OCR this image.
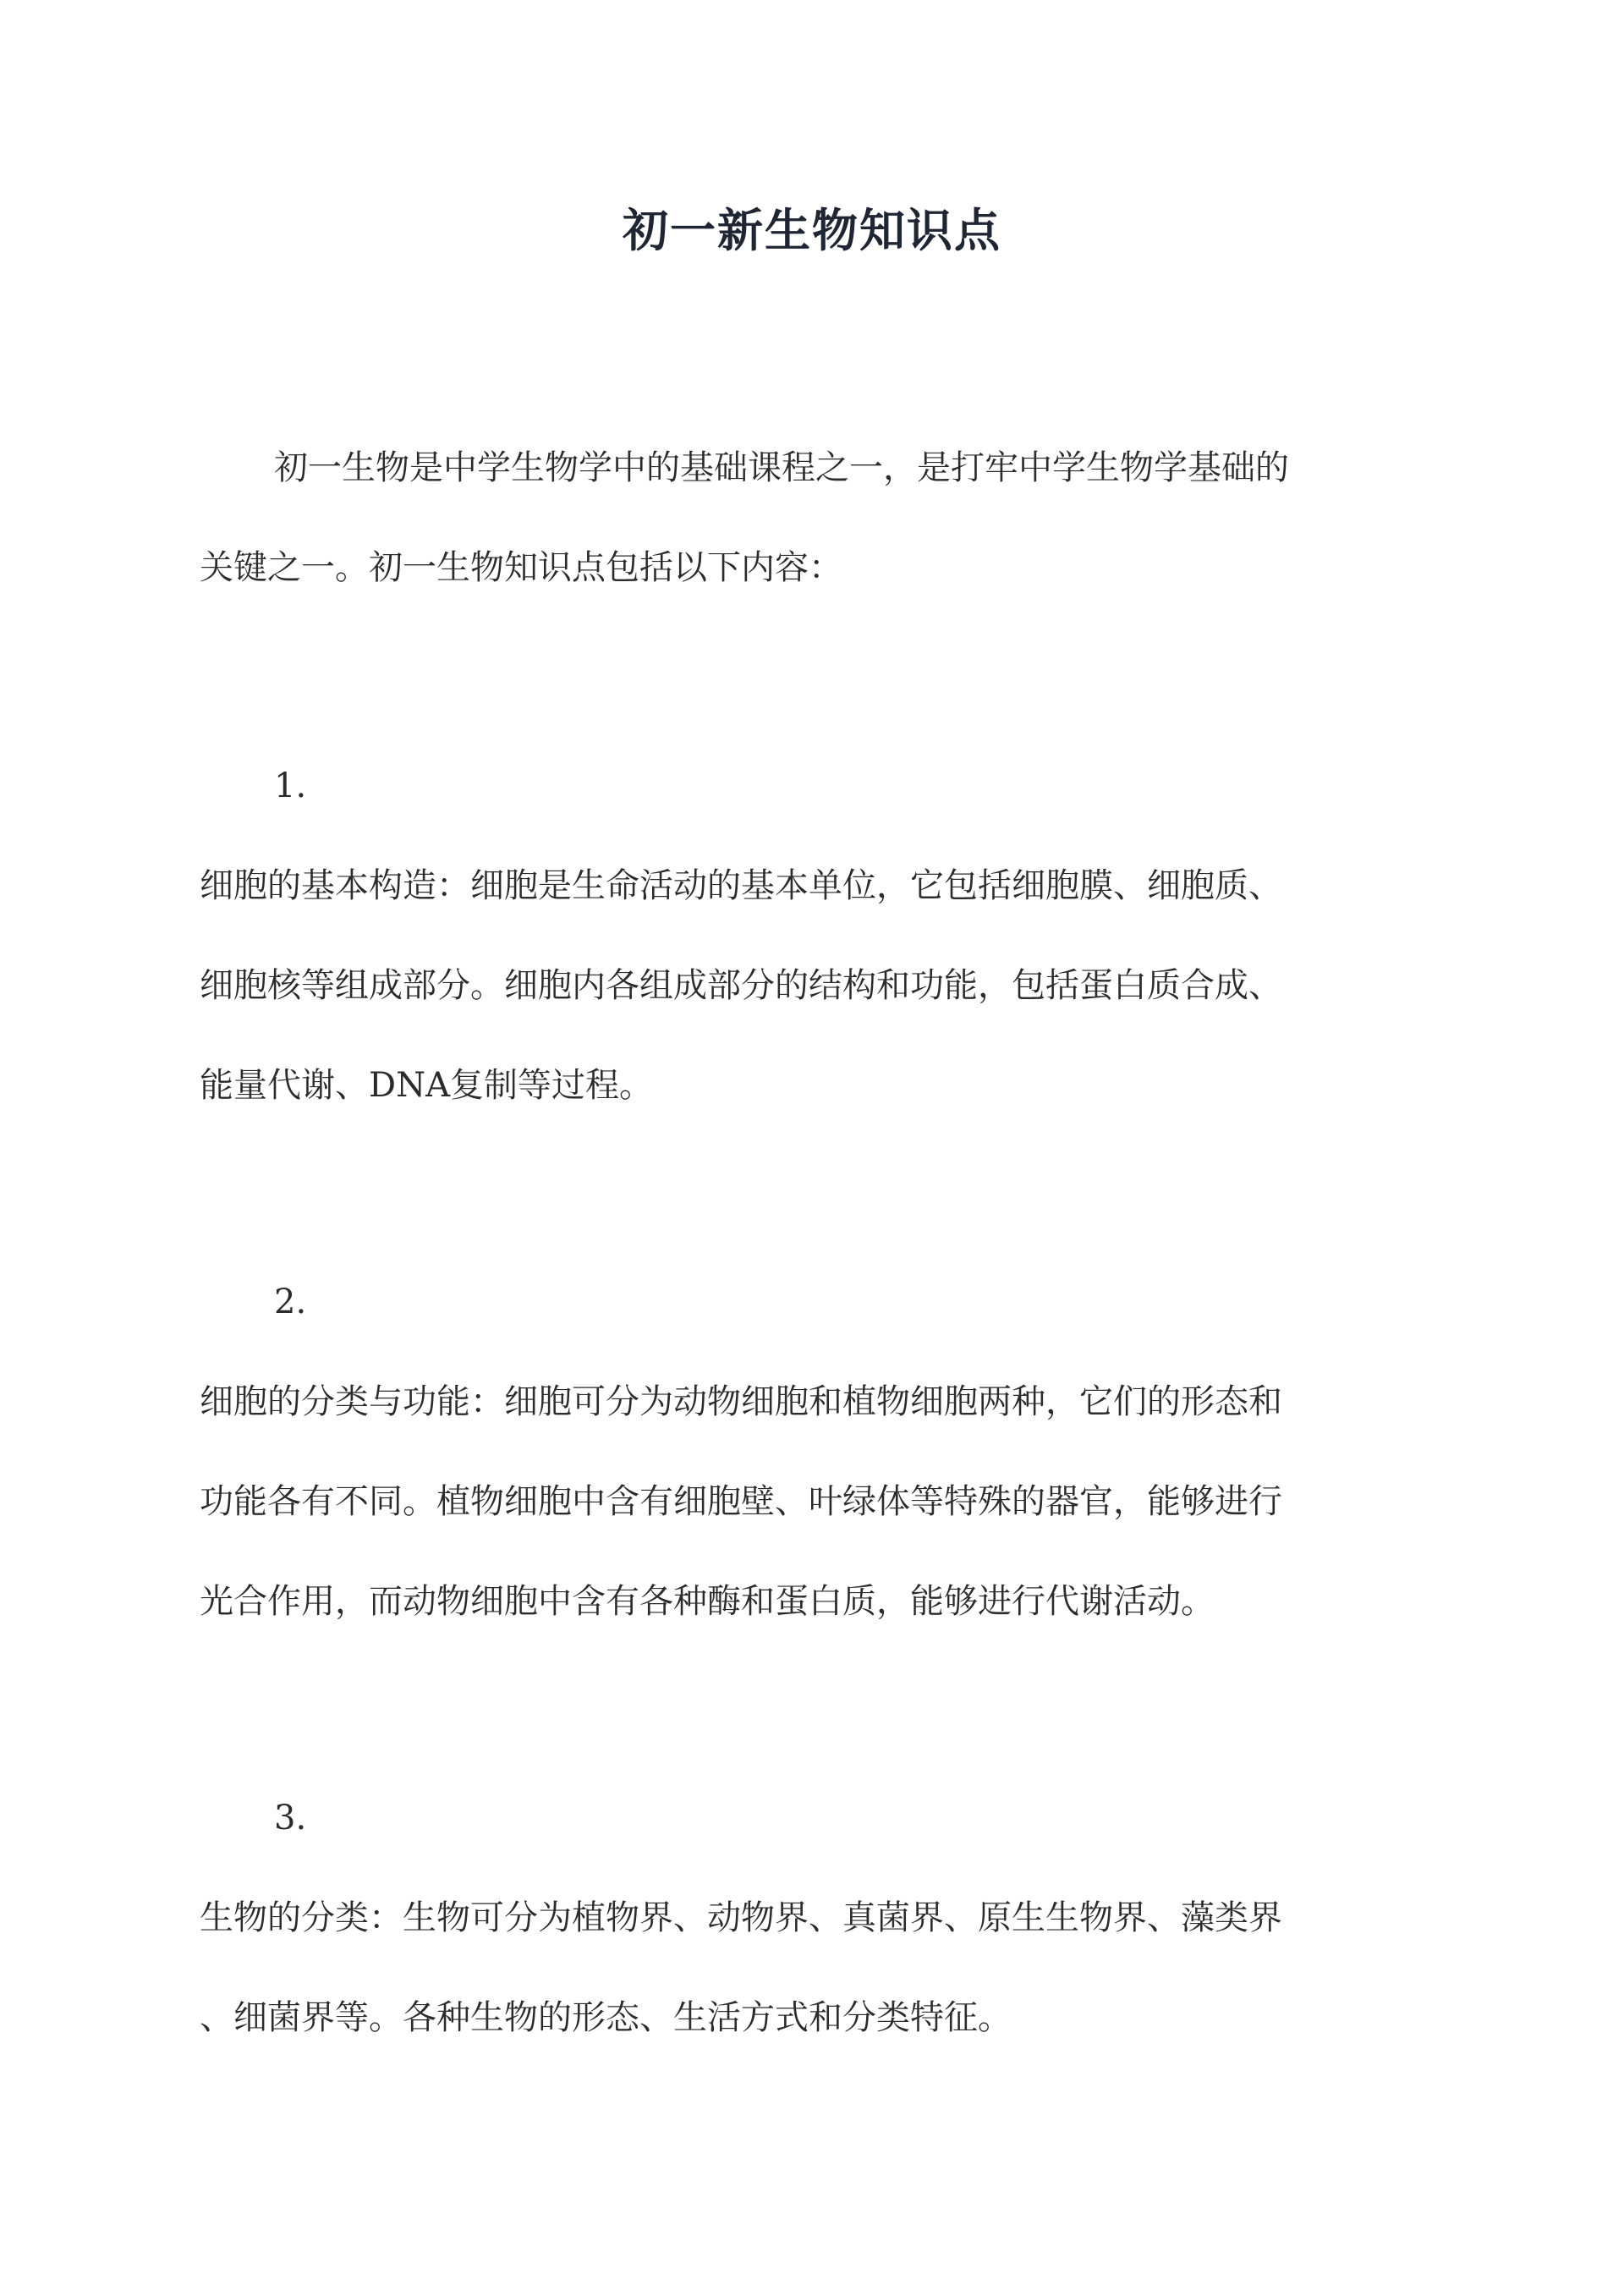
初一新生物知识点
初一生物是中学生物学中的基础课程之一，是打牢中学生物学基础的
关键之一。初一生物知识点包括以下内容：
1.
细胞的基本构造：细胞是生命活动的基本单位，它包括细胞膜、细胞质、
细胞核等组成部分。细胞内各组成部分的结构和功能，包括蛋白质合成、
能量代谢、DNA复制等过程。
2.
细胞的分类与功能：细胞可分为动物细胞和植物细胞两种，它们的形态和
功能各有不同。植物细胞中含有细胞壁、叶绿体等特殊的器官，能够进行
光合作用，而动物细胞中含有各种酶和蛋白质，能够进行代谢活动。
3.
生物的分类：生物可分为植物界、动物界、真菌界、原生生物界、藻类界
、细菌界等。各种生物的形态、生活方式和分类特征。
